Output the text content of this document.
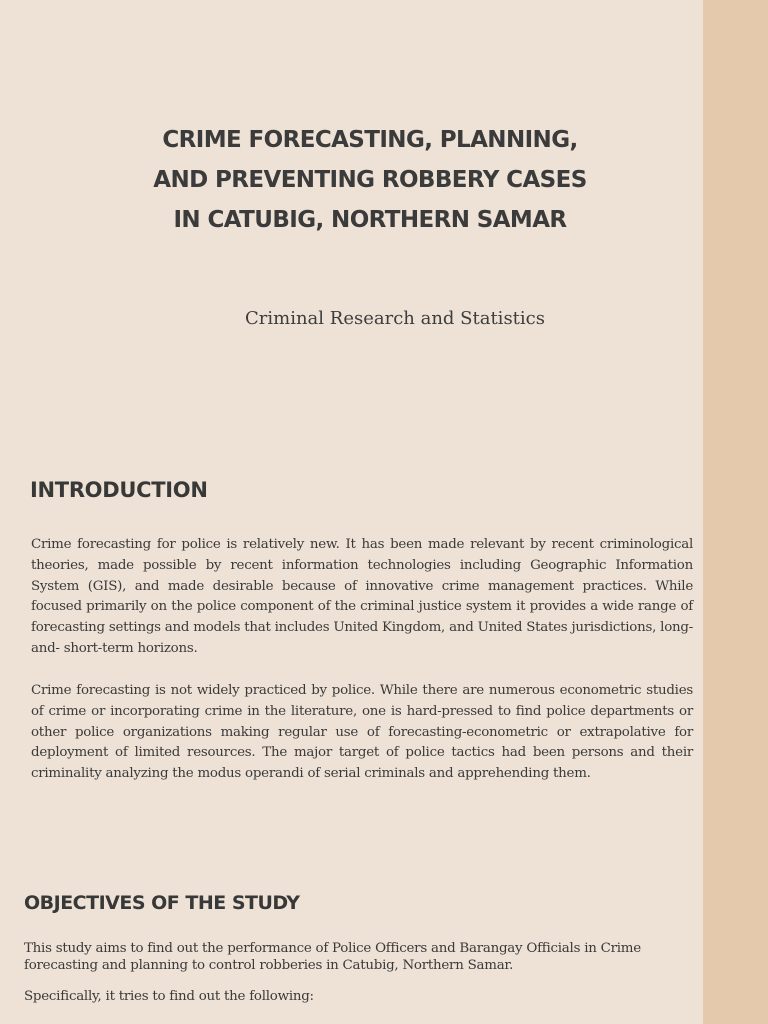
CRIME FORECASTING, PLANNING,
AND PREVENTING ROBBERY CASES
IN CATUBIG, NORTHERN SAMAR
Criminal Research and Statistics
INTRODUCTION
Crime forecasting for police is relatively new. It has been made relevant by recent criminological theories, made possible by recent information technologies including Geographic Information System (GIS), and made desirable because of innovative crime management practices. While focused primarily on the police component of the criminal justice system it provides a wide range of forecasting settings and models that includes United Kingdom, and United States jurisdictions, long-and- short-term horizons.
Crime forecasting is not widely practiced by police. While there are numerous econometric studies of crime or incorporating crime in the literature, one is hard-pressed to find police departments or other police organizations making regular use of forecasting-econometric or extrapolative for deployment of limited resources. The major target of police tactics had been persons and their criminality analyzing the modus operandi of serial criminals and apprehending them.
OBJECTIVES OF THE STUDY
This study aims to find out the performance of Police Officers and Barangay Officials in Crime forecasting and planning to control robberies in Catubig, Northern Samar.
Specifically, it tries to find out the following:
